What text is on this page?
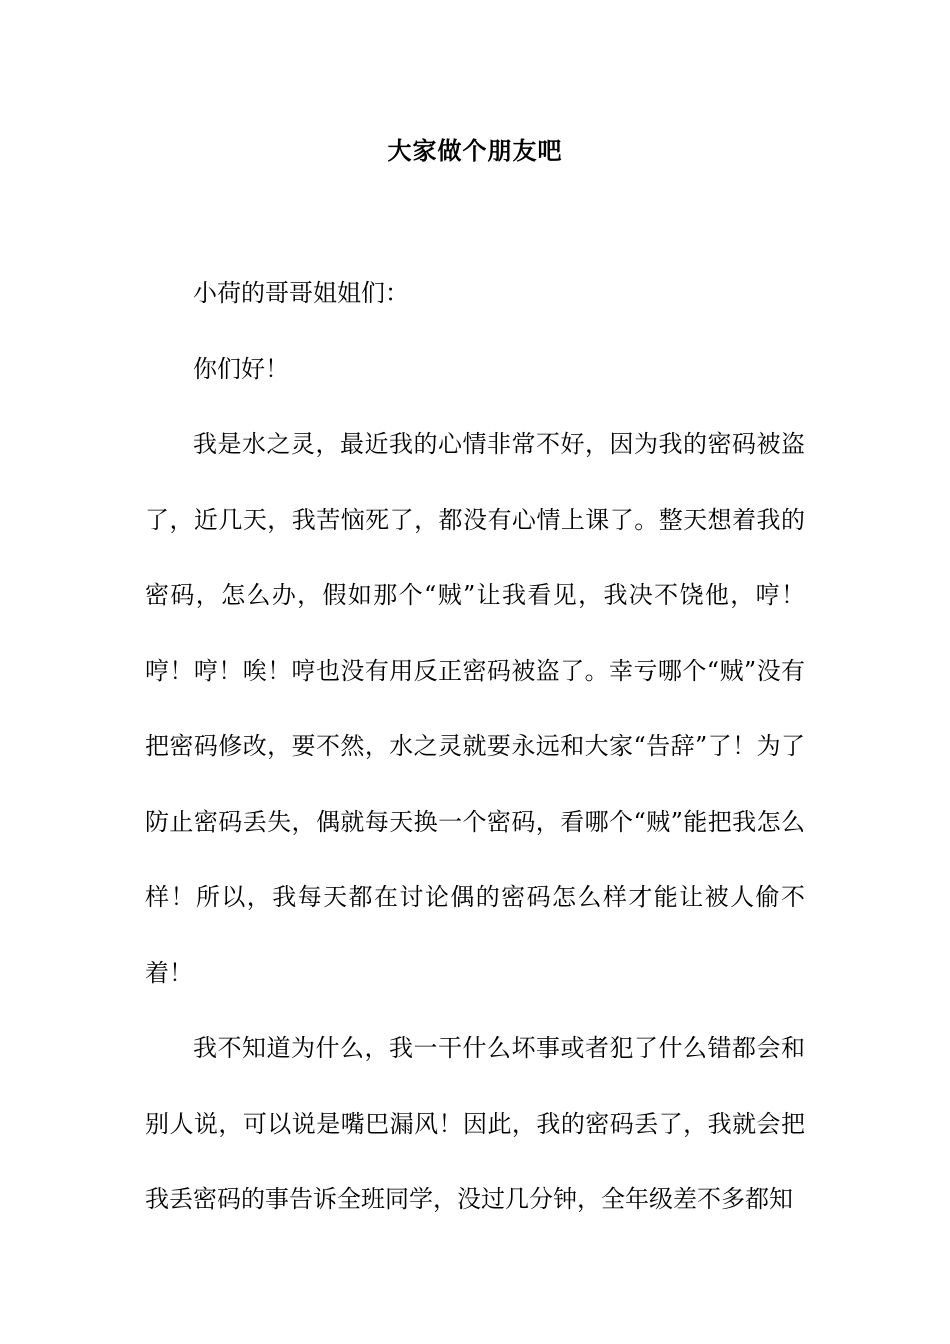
大家做个朋友吧

小荷的哥哥姐姐们：

你们好！

我是水之灵，最近我的心情非常不好，因为我的密码被盗了，近几天，我苦恼死了，都没有心情上课了。整天想着我的密码，怎么办，假如那个“贼”让我看见，我决不饶他，哼！哼！哼！唉！哼也没有用反正密码被盗了。幸亏哪个“贼”没有把密码修改，要不然，水之灵就要永远和大家“告辞”了！为了防止密码丢失，偶就每天换一个密码，看哪个“贼”能把我怎么样！所以，我每天都在讨论偶的密码怎么样才能让被人偷不着！

我不知道为什么，我一干什么坏事或者犯了什么错都会和别人说，可以说是嘴巴漏风！因此，我的密码丢了，我就会把我丢密码的事告诉全班同学，没过几分钟，全年级差不多都知
